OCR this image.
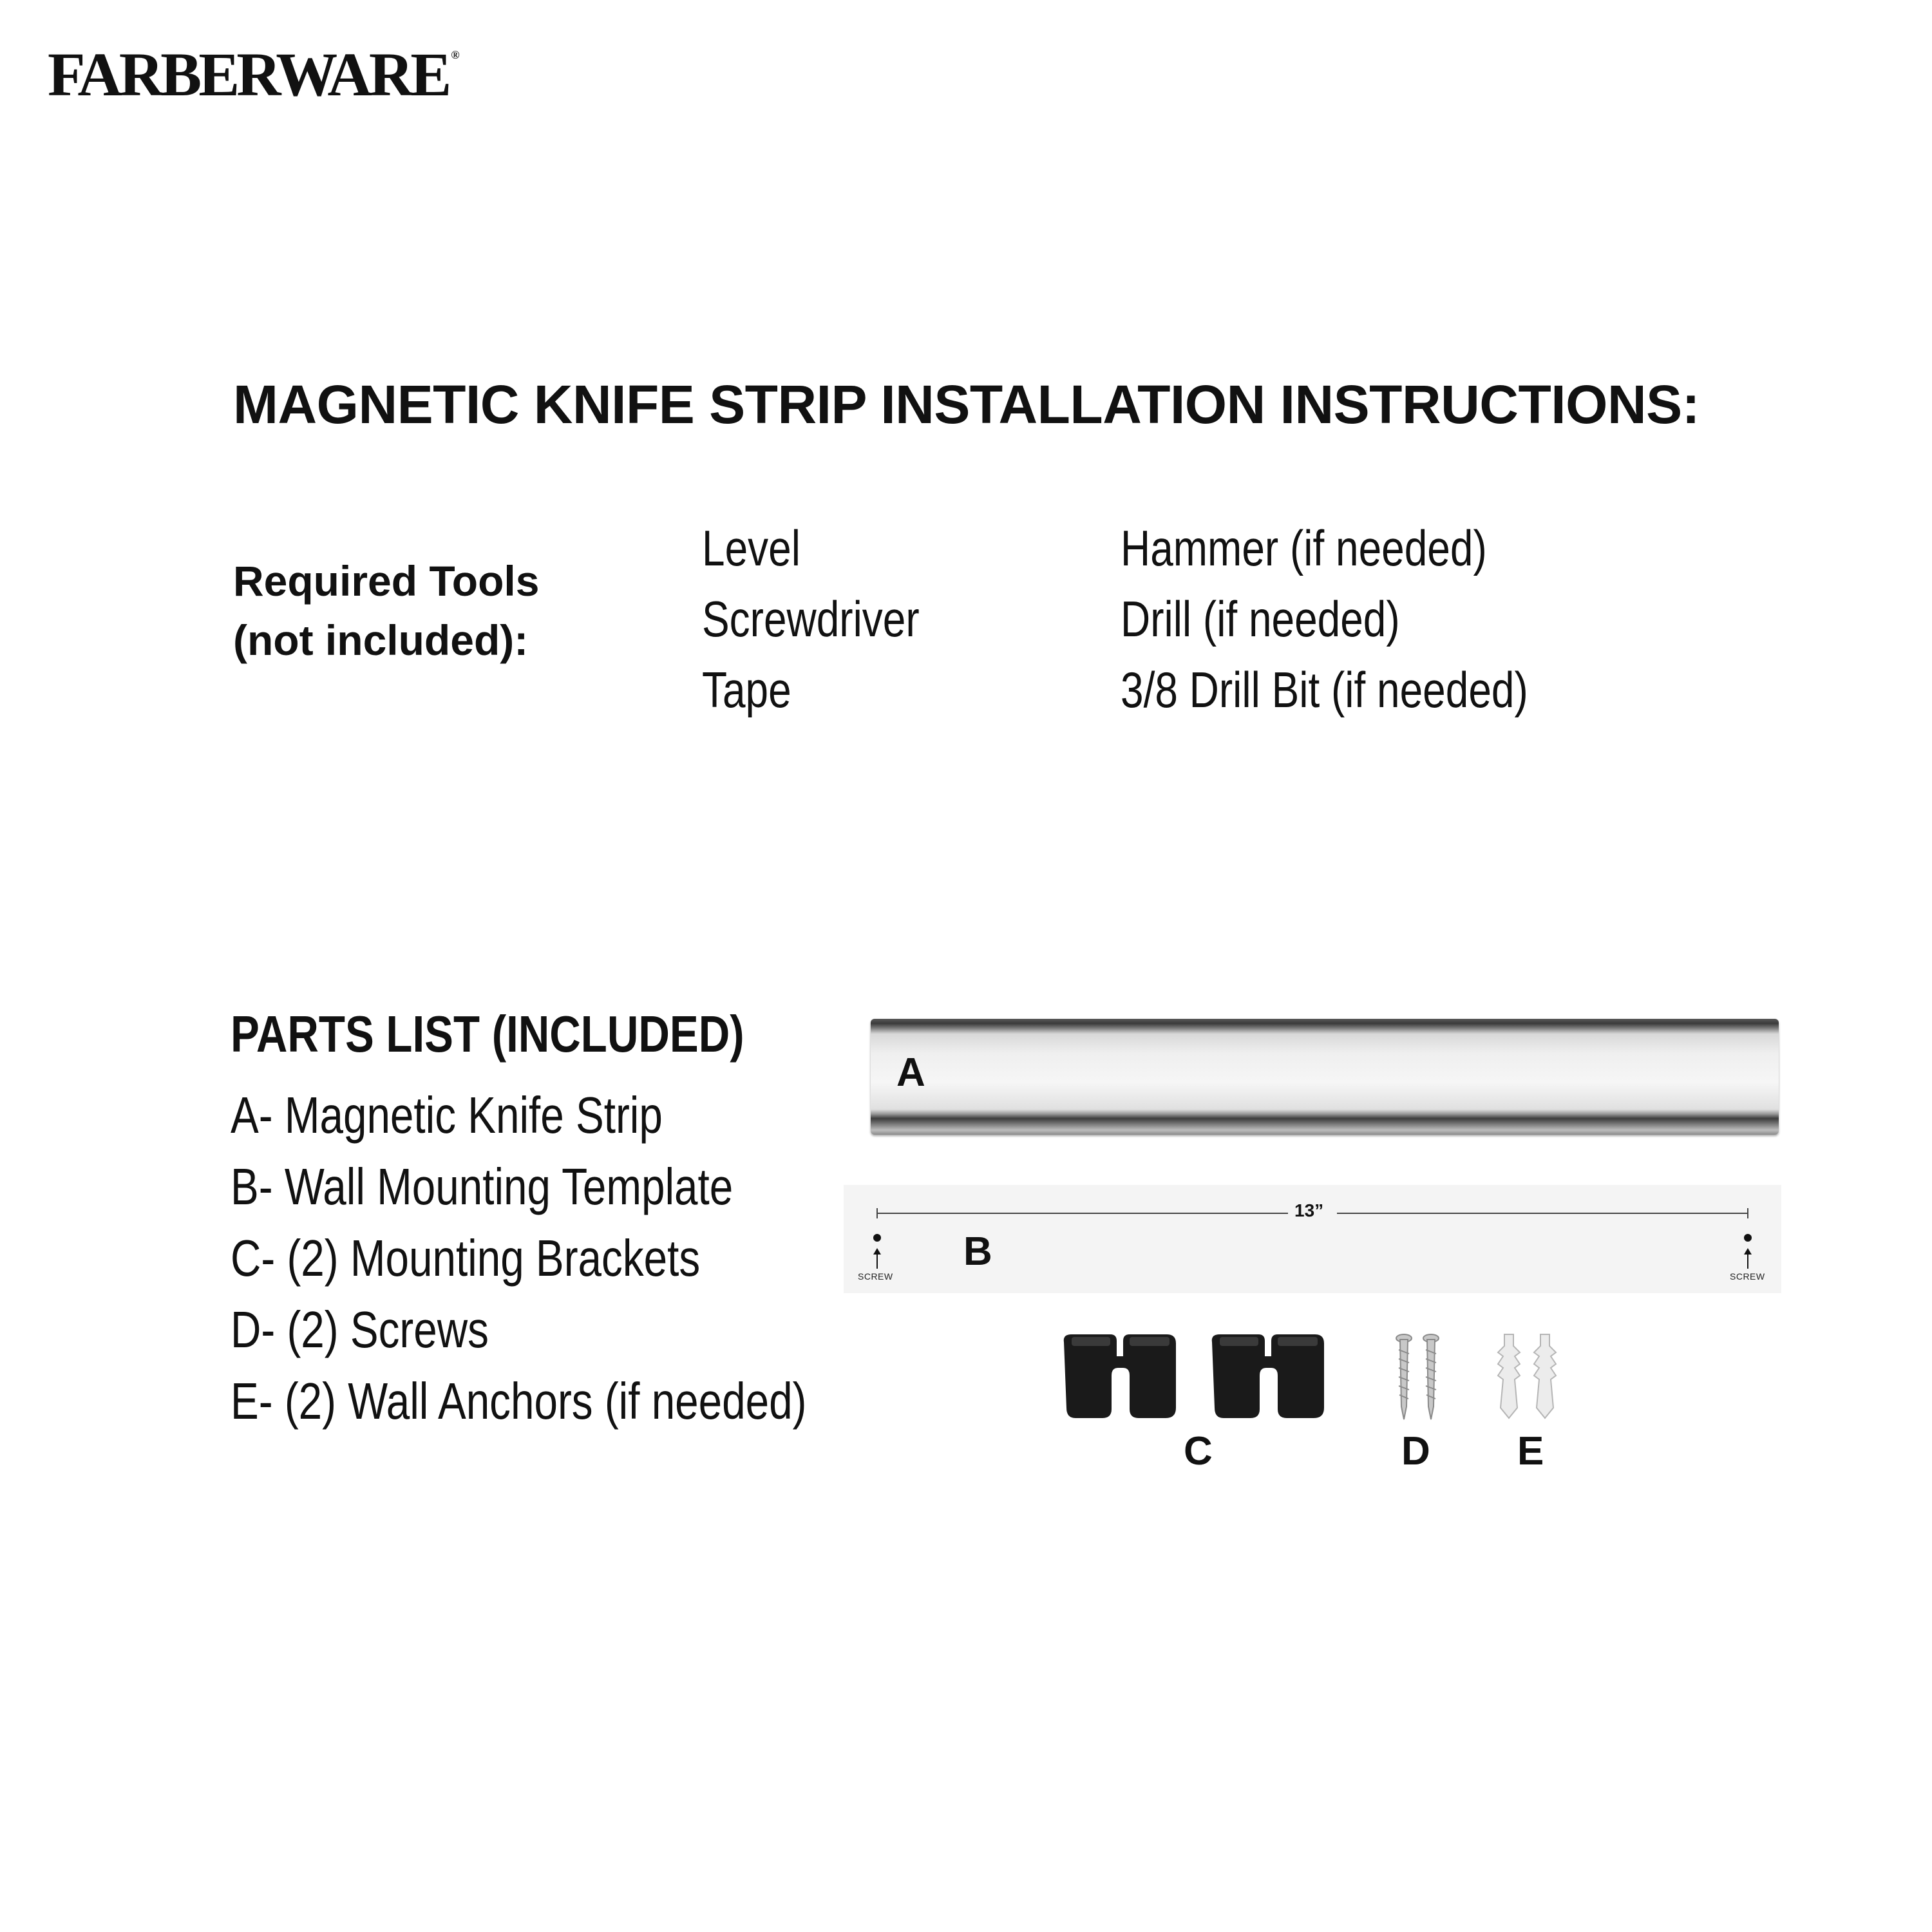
FARBERWARE ®
MAGNETIC KNIFE STRIP INSTALLATION INSTRUCTIONS:
Required Tools
(not included):
Level
Screwdriver
Tape
Hammer (if needed)
Drill (if needed)
3/8 Drill Bit (if needed)
PARTS LIST (INCLUDED)
A- Magnetic Knife Strip
B- Wall Mounting Template
C- (2) Mounting Brackets
D- (2) Screws
E- (2) Wall Anchors (if needed)
A
SCREW	SCREW
13”
B
C	D E
